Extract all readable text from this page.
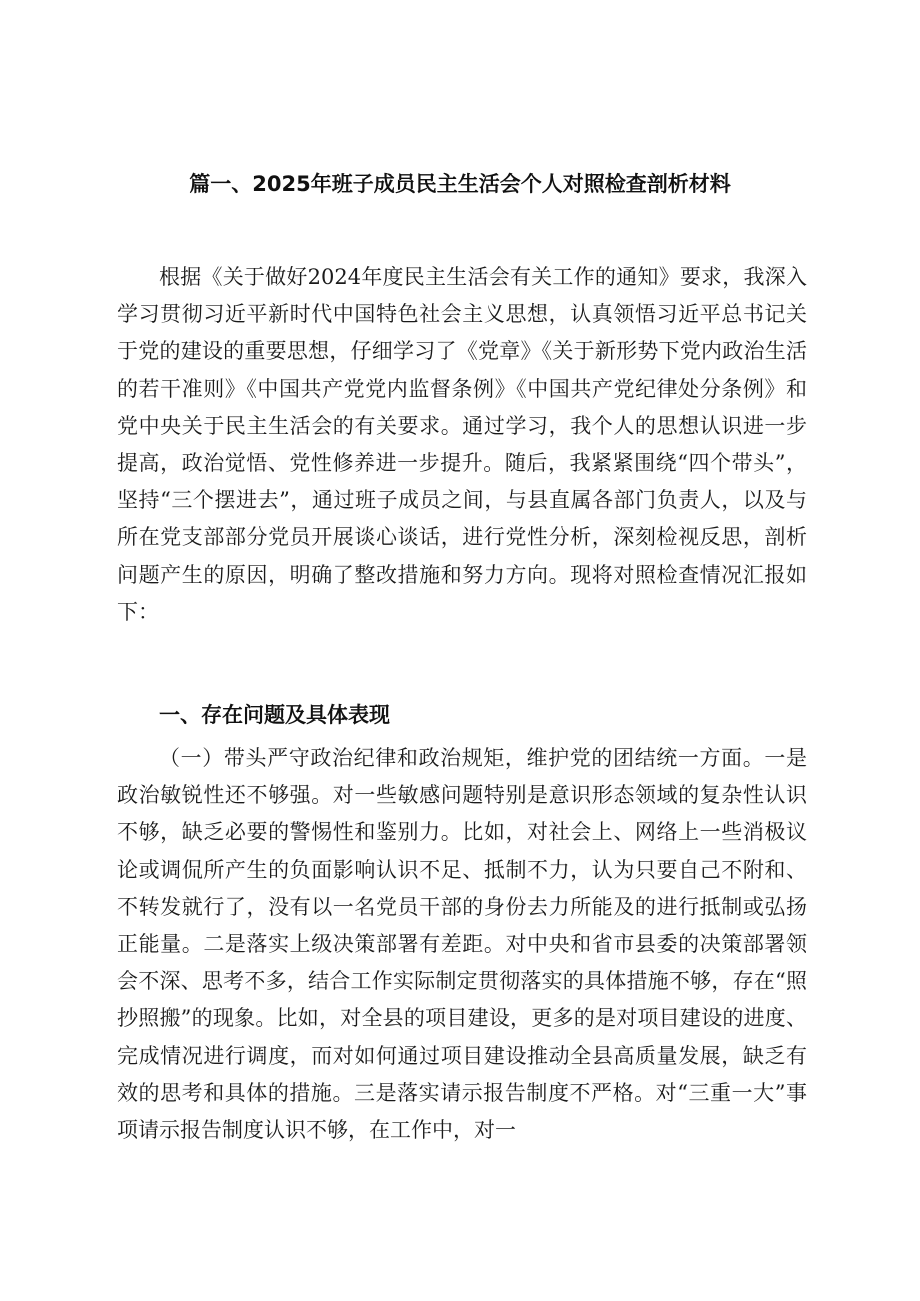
篇一、2025年班子成员民主生活会个人对照检查剖析材料

根据《关于做好2024年度民主生活会有关工作的通知》要求，我深入学习贯彻习近平新时代中国特色社会主义思想，认真领悟习近平总书记关于党的建设的重要思想，仔细学习了《党章》《关于新形势下党内政治生活的若干准则》《中国共产党党内监督条例》《中国共产党纪律处分条例》和党中央关于民主生活会的有关要求。通过学习，我个人的思想认识进一步提高，政治觉悟、党性修养进一步提升。随后，我紧紧围绕“四个带头”，坚持“三个摆进去”，通过班子成员之间，与县直属各部门负责人，以及与所在党支部部分党员开展谈心谈话，进行党性分析，深刻检视反思，剖析问题产生的原因，明确了整改措施和努力方向。现将对照检查情况汇报如下：

一、存在问题及具体表现

（一）带头严守政治纪律和政治规矩，维护党的团结统一方面。一是政治敏锐性还不够强。对一些敏感问题特别是意识形态领域的复杂性认识不够，缺乏必要的警惕性和鉴别力。比如，对社会上、网络上一些消极议论或调侃所产生的负面影响认识不足、抵制不力，认为只要自己不附和、不转发就行了，没有以一名党员干部的身份去力所能及的进行抵制或弘扬正能量。二是落实上级决策部署有差距。对中央和省市县委的决策部署领会不深、思考不多，结合工作实际制定贯彻落实的具体措施不够，存在“照抄照搬”的现象。比如，对全县的项目建设，更多的是对项目建设的进度、完成情况进行调度，而对如何通过项目建设推动全县高质量发展，缺乏有效的思考和具体的措施。三是落实请示报告制度不严格。对“三重一大”事项请示报告制度认识不够，在工作中，对一
